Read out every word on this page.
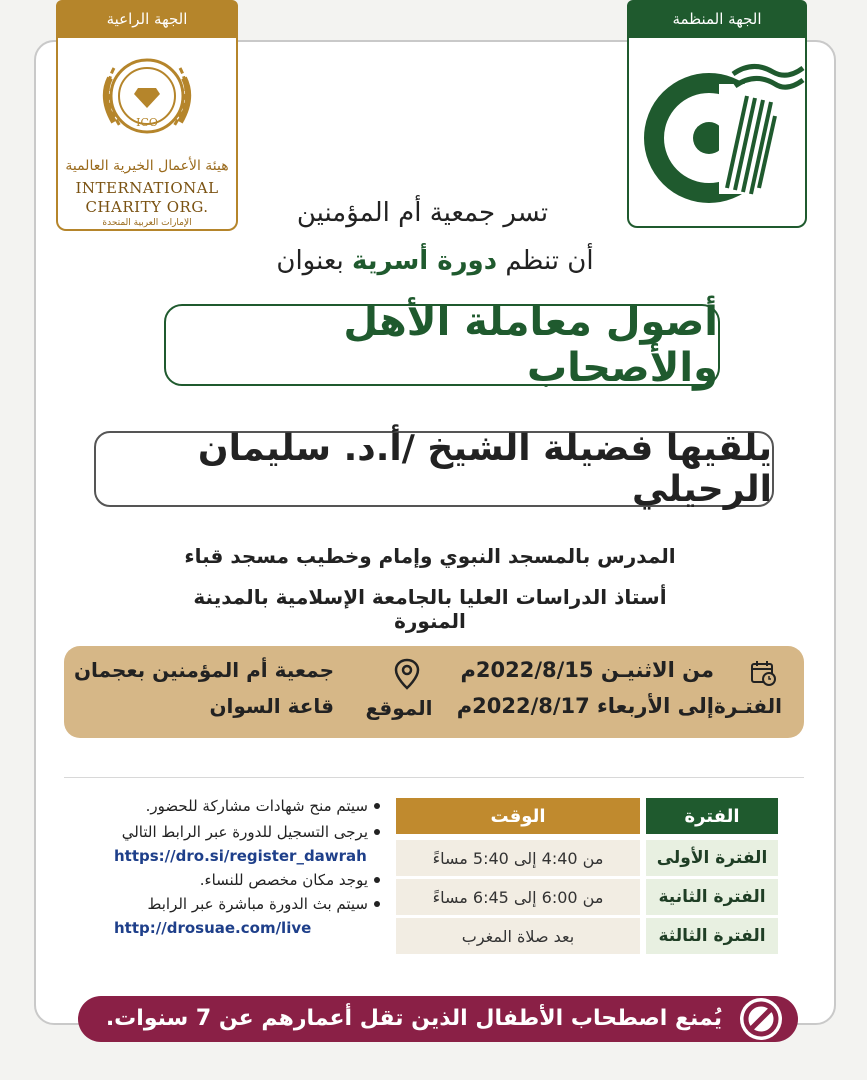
الجهة المنظمة
الجهة الراعية
ICO
هيئة الأعمال الخيرية العالمية
INTERNATIONAL
CHARITY ORG.
الإمارات العربية المتحدة	تسر جمعية أم المؤمنين
أن تنظم دورة أسرية بعنوان
أصول معاملة الأهل والأصحاب
يلقيها فضيلة الشيخ /أ.د. سليمان الرحيلي
المدرس بالمسجد النبوي وإمام وخطيب مسجد قباء
أستاذ الدراسات العليا بالجامعة الإسلامية بالمدينة المنورة
الفتـرة
من الاثنيـن 2022/8/15م
إلى الأربعاء 2022/8/17م
الموقع
جمعية أم المؤمنين بعجمان
قاعة السوان
الفترة
الوقت
الفترة الأولى
من 4:40 إلى 5:40 مساءً
الفترة الثانية
من 6:00 إلى 6:45 مساءً
الفترة الثالثة
بعد صلاة المغرب
سيتم منح شهادات مشاركة للحضور.
يرجى التسجيل للدورة عبر الرابط التالي
https://dro.si/register_dawrah
يوجد مكان مخصص للنساء.
سيتم بث الدورة مباشرة عبر الرابط
http://drosuae.com/live
يُمنع اصطحاب الأطفال الذين تقل أعمارهم عن 7 سنوات.
